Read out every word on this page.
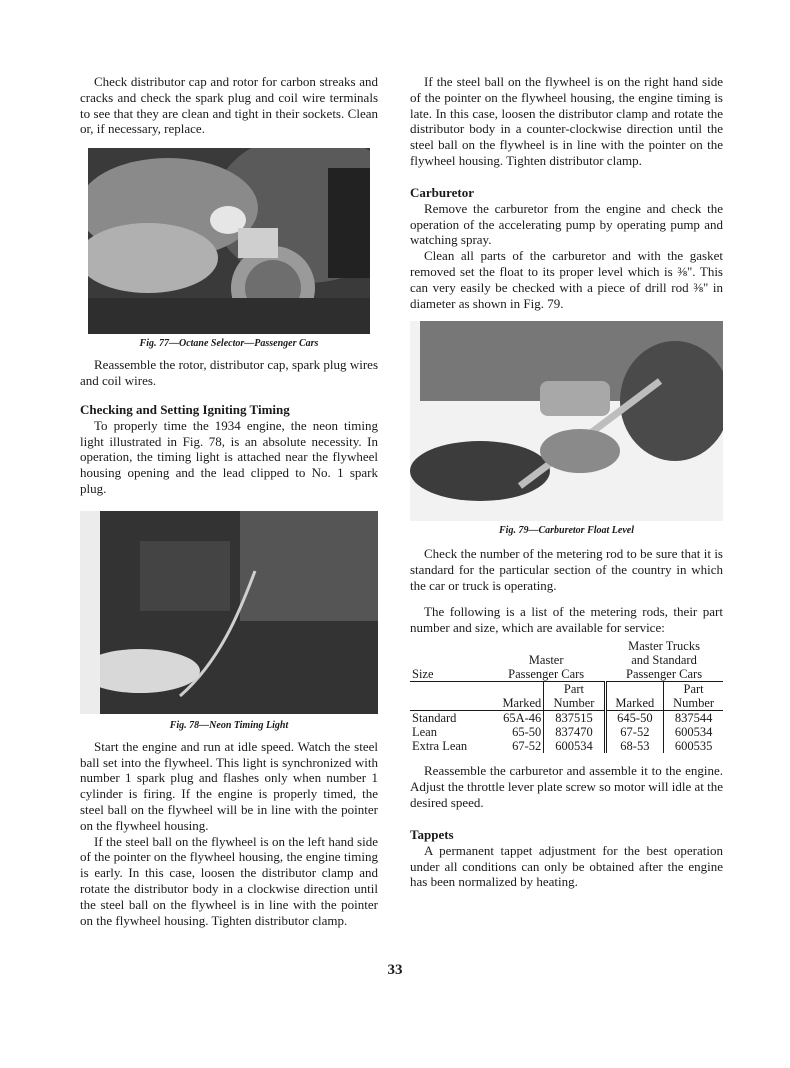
Check distributor cap and rotor for carbon streaks and cracks and check the spark plug and coil wire terminals to see that they are clean and tight in their sockets. Clean or, if necessary, replace.

Fig. 77—Octane Selector—Passenger Cars

Reassemble the rotor, distributor cap, spark plug wires and coil wires.

Checking and Setting Igniting Timing

To properly time the 1934 engine, the neon timing light illustrated in Fig. 78, is an absolute necessity. In operation, the timing light is attached near the flywheel housing opening and the lead clipped to No. 1 spark plug.

Fig. 78—Neon Timing Light

Start the engine and run at idle speed. Watch the steel ball set into the flywheel. This light is synchronized with number 1 spark plug and flashes only when number 1 cylinder is firing. If the engine is properly timed, the steel ball on the flywheel will be in line with the pointer on the flywheel housing.

If the steel ball on the flywheel is on the left hand side of the pointer on the flywheel housing, the engine timing is early. In this case, loosen the distributor clamp and rotate the distributor body in a clockwise direction until the steel ball on the flywheel is in line with the pointer on the flywheel housing. Tighten distributor clamp.

If the steel ball on the flywheel is on the right hand side of the pointer on the flywheel housing, the engine timing is late. In this case, loosen the distributor clamp and rotate the distributor body in a counter-clockwise direction until the steel ball on the flywheel is in line with the pointer on the flywheel housing. Tighten distributor clamp.

Carburetor

Remove the carburetor from the engine and check the operation of the accelerating pump by operating pump and watching spray.

Clean all parts of the carburetor and with the gasket removed set the float to its proper level which is ⅜". This can very easily be checked with a piece of drill rod ⅜" in diameter as shown in Fig. 79.

Fig. 79—Carburetor Float Level

Check the number of the metering rod to be sure that it is standard for the particular section of the country in which the car or truck is operating.

The following is a list of the metering rods, their part number and size, which are available for service:

			Master Trucks	
	Master		and Standard	
Size	Passenger Cars		Passenger Cars	
		Part		Part
	Marked	Number	Marked	Number
Standard	65A-46	837515	645-50	837544
Lean	65-50	837470	67-52	600534
Extra Lean	67-52	600534	68-53	600535

Reassemble the carburetor and assemble it to the engine. Adjust the throttle lever plate screw so motor will idle at the desired speed.

Tappets

A permanent tappet adjustment for the best operation under all conditions can only be obtained after the engine has been normalized by heating.

33
